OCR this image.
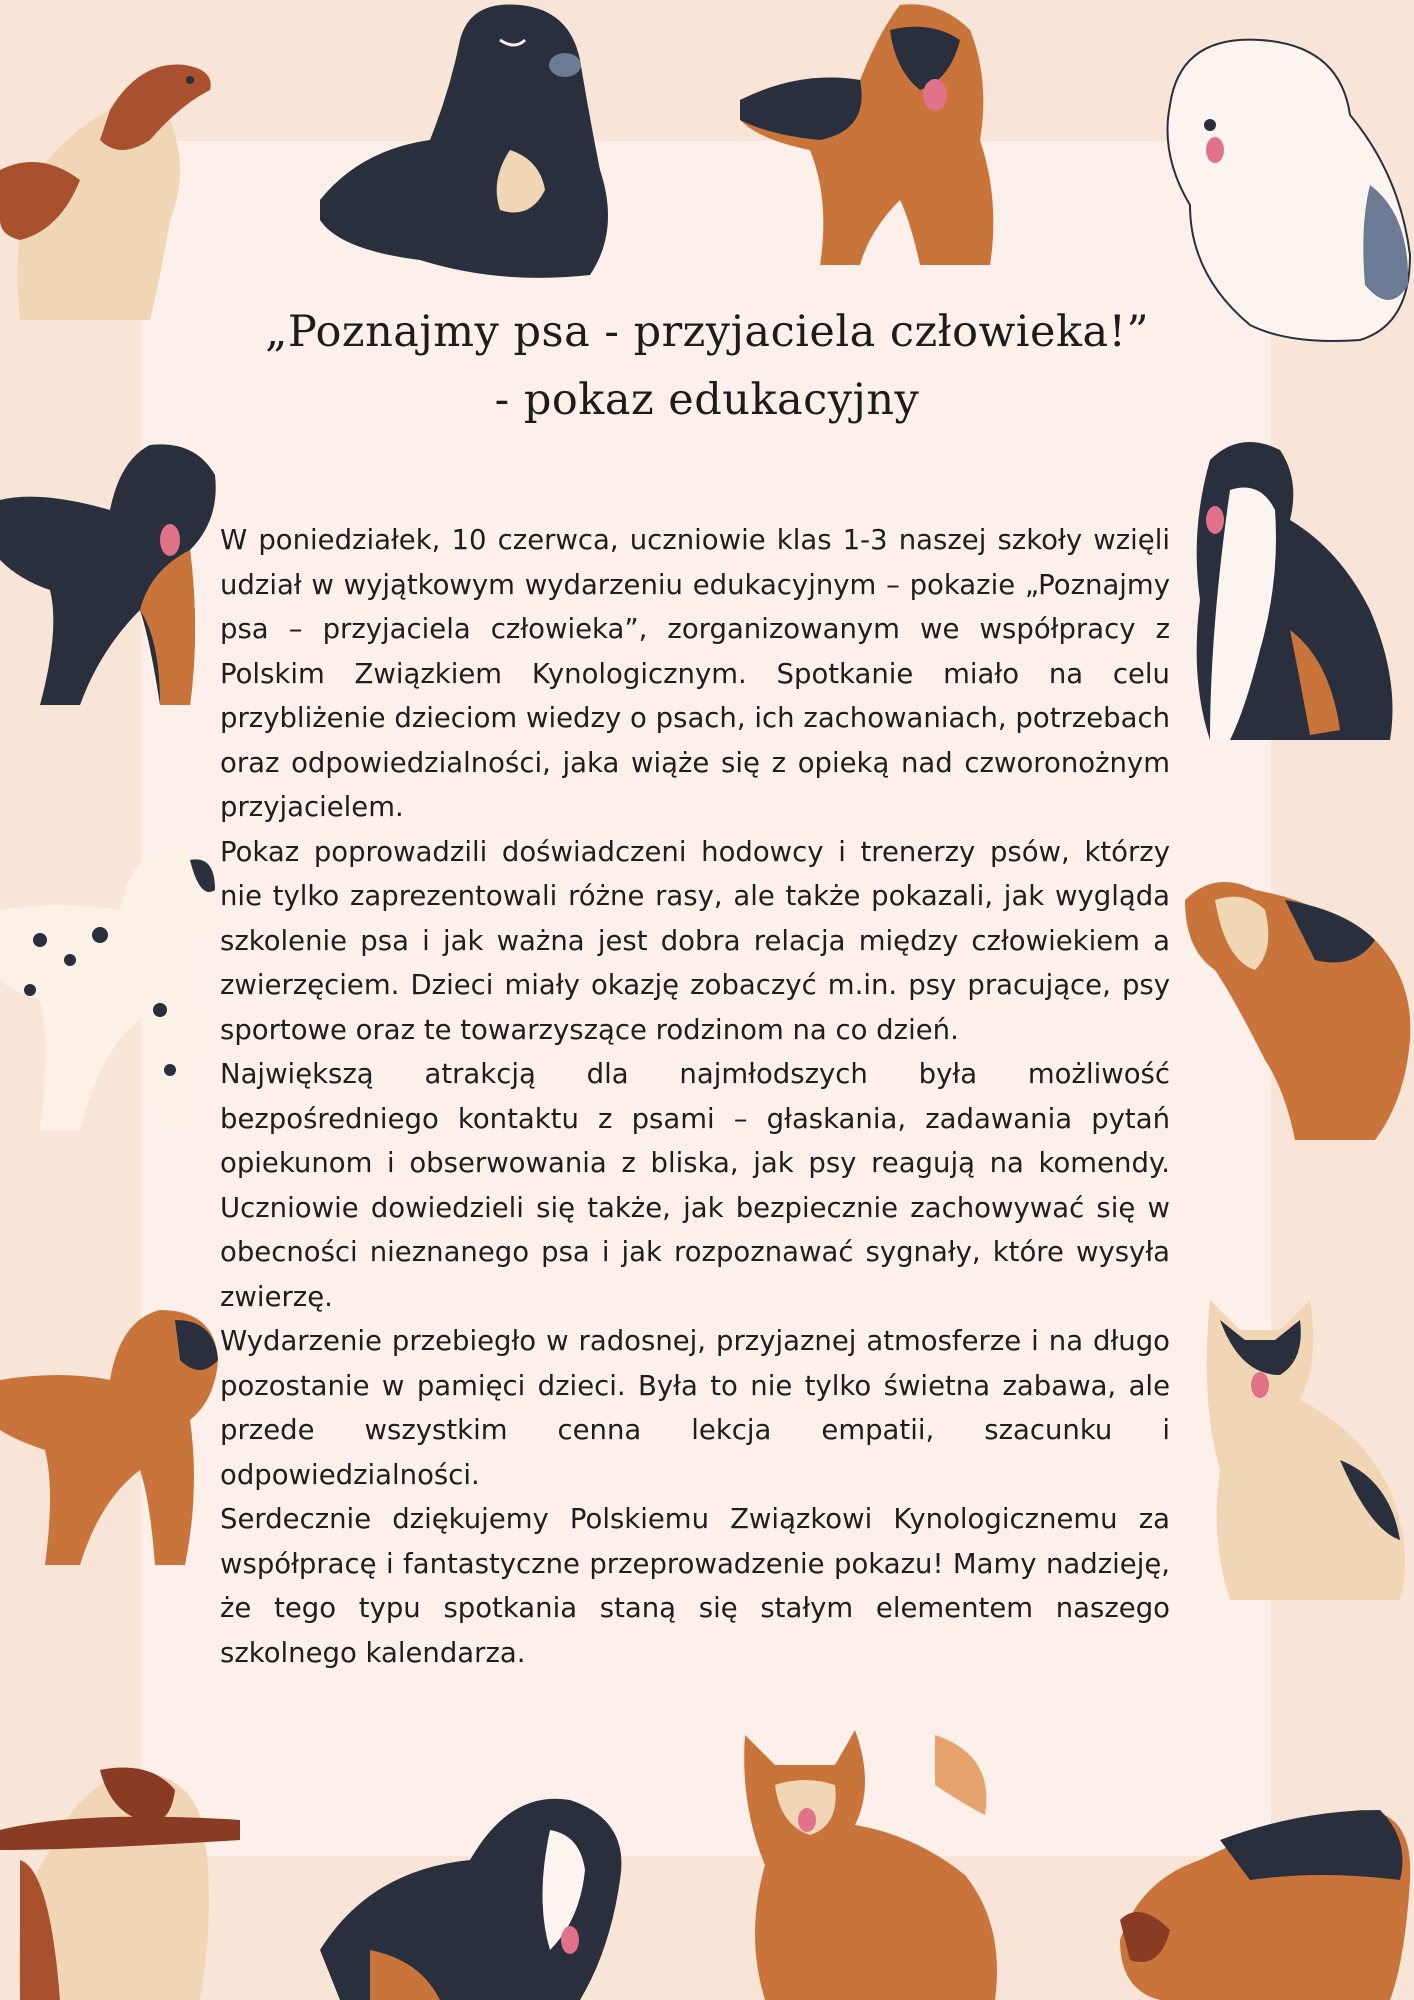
„Poznajmy psa - przyjaciela człowieka!”
- pokaz edukacyjny

W poniedziałek, 10 czerwca, uczniowie klas 1-3 naszej szkoły wzięli udział w wyjątkowym wydarzeniu edukacyjnym – pokazie „Poznajmy psa – przyjaciela człowieka”, zorganizowanym we współpracy z Polskim Związkiem Kynologicznym. Spotkanie miało na celu przybliżenie dzieciom wiedzy o psach, ich zachowaniach, potrzebach oraz odpowiedzialności, jaka wiąże się z opieką nad czworonożnym przyjacielem.

Pokaz poprowadzili doświadczeni hodowcy i trenerzy psów, którzy nie tylko zaprezentowali różne rasy, ale także pokazali, jak wygląda szkolenie psa i jak ważna jest dobra relacja między człowiekiem a zwierzęciem. Dzieci miały okazję zobaczyć m.in. psy pracujące, psy sportowe oraz te towarzyszące rodzinom na co dzień.

Największą atrakcją dla najmłodszych była możliwość bezpośredniego kontaktu z psami – głaskania, zadawania pytań opiekunom i obserwowania z bliska, jak psy reagują na komendy. Uczniowie dowiedzieli się także, jak bezpiecznie zachowywać się w obecności nieznanego psa i jak rozpoznawać sygnały, które wysyła zwierzę.

Wydarzenie przebiegło w radosnej, przyjaznej atmosferze i na długo pozostanie w pamięci dzieci. Była to nie tylko świetna zabawa, ale przede wszystkim cenna lekcja empatii, szacunku i odpowiedzialności.

Serdecznie dziękujemy Polskiemu Związkowi Kynologicznemu za współpracę i fantastyczne przeprowadzenie pokazu! Mamy nadzieję, że tego typu spotkania staną się stałym elementem naszego szkolnego kalendarza.
